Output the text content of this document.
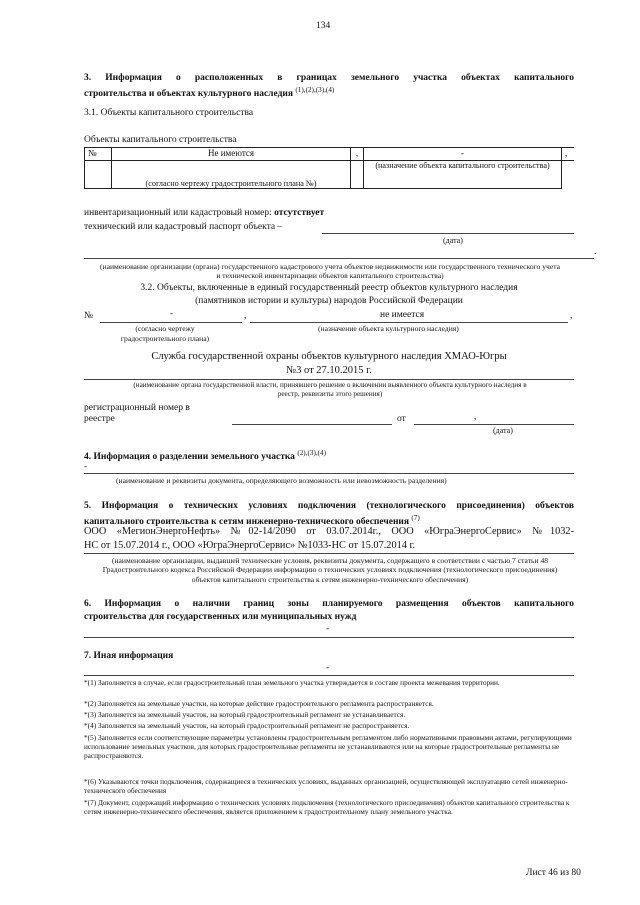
134
3. Информация о расположенных в границах земельного участка объектах капитального
строительства и объектах культурного наследия $^{(1),(2),(3),(4)}$
3.1. Объекты капитального строительства
Объекты капитального строительства
№	Не имеются	,	-	,
	(согласно чертежу градостроительного плана №)		(назначение объекта капитального строительства)	
инвентаризационный или кадастровый номер: отсутствует
технический или кадастровый паспорт объекта –
(дата)
.
(наименование организации (органа) государственного кадастрового учета объектов недвижимости или государственного технического учета и технической инвентаризации объектов капитального строительства)
3.2. Объекты, включенные в единый государственный реестр объектов культурного наследия
(памятников истории и культуры) народов Российской Федерации
№	-	,	не имеется	,
(согласно чертежу градостроительного плана)
(назначение объекта культурного наследия)
Служба государственной охраны объектов культурного наследия ХМАО-Югры
№3 от 27.10.2015 г.
(наименование органа государственной власти, принявшего решение о включении выявленного объекта культурного наследия в реестр, реквизиты этого решения)
регистрационный номер в
реестре	от	,
(дата)
4. Информация о разделении земельного участка $^{(2),(3),(4)}$
-
(наименование и реквизиты документа, определяющего возможность или невозможность разделения)
5. Информация о технических условиях подключения (технологического присоединения) объектов
капитального строительства к сетям инженерно-технического обеспечения $^{(7)}$
ООО «МегионЭнергоНефть» №02-14/2090 от 03.07.2014г., ООО «ЮграЭнергоСервис» №1032-
НС от 15.07.2014 г., ООО «ЮграЭнергоСервис» №1033-НС от 15.07.2014 г.
(наименование организации, выдавшей технические условия, реквизиты документа, содержащего в соответствии с частью 7 статьи 48 Градостроительного кодекса Российской Федерации информацию о технических условиях подключения (технологического присоединения) объектов капитального строительства к сетям инженерно-технического обеспечения)
6. Информация о наличии границ зоны планируемого размещения объектов капитального
строительства для государственных или муниципальных нужд
-
7. Иная информация
-
*(1) Заполняется в случае, если градостроительный план земельного участка утверждается в составе проекта межевания территории.
*(2) Заполняется на земельные участки, на которые действие градостроительного регламента распространяется.
*(3) Заполняется на земельный участок, на который градостроительный регламент не устанавливается.
*(4) Заполняется на земельный участок, на который градостроительный регламент не распространяется.
*(5) Заполняется если соответствующие параметры установлены градостроительным регламентом либо нормативными правовыми актами, регулирующими использование земельных участков, для которых градостроительные регламенты не устанавливаются или на которые градостроительные регламенты не распространяются.
*(6) Указываются точки подключения, содержащиеся в технических условиях, выданных организацией, осуществляющей эксплуатацию сетей инженерно-технического обеспечения
*(7) Документ, содержащий информацию о технических условиях подключения (технологического присоединения) объектов капитального строительства к сетям инженерно-технического обеспечения, является приложением к градостроительному плану земельного участка.
Лист 46 из 80
